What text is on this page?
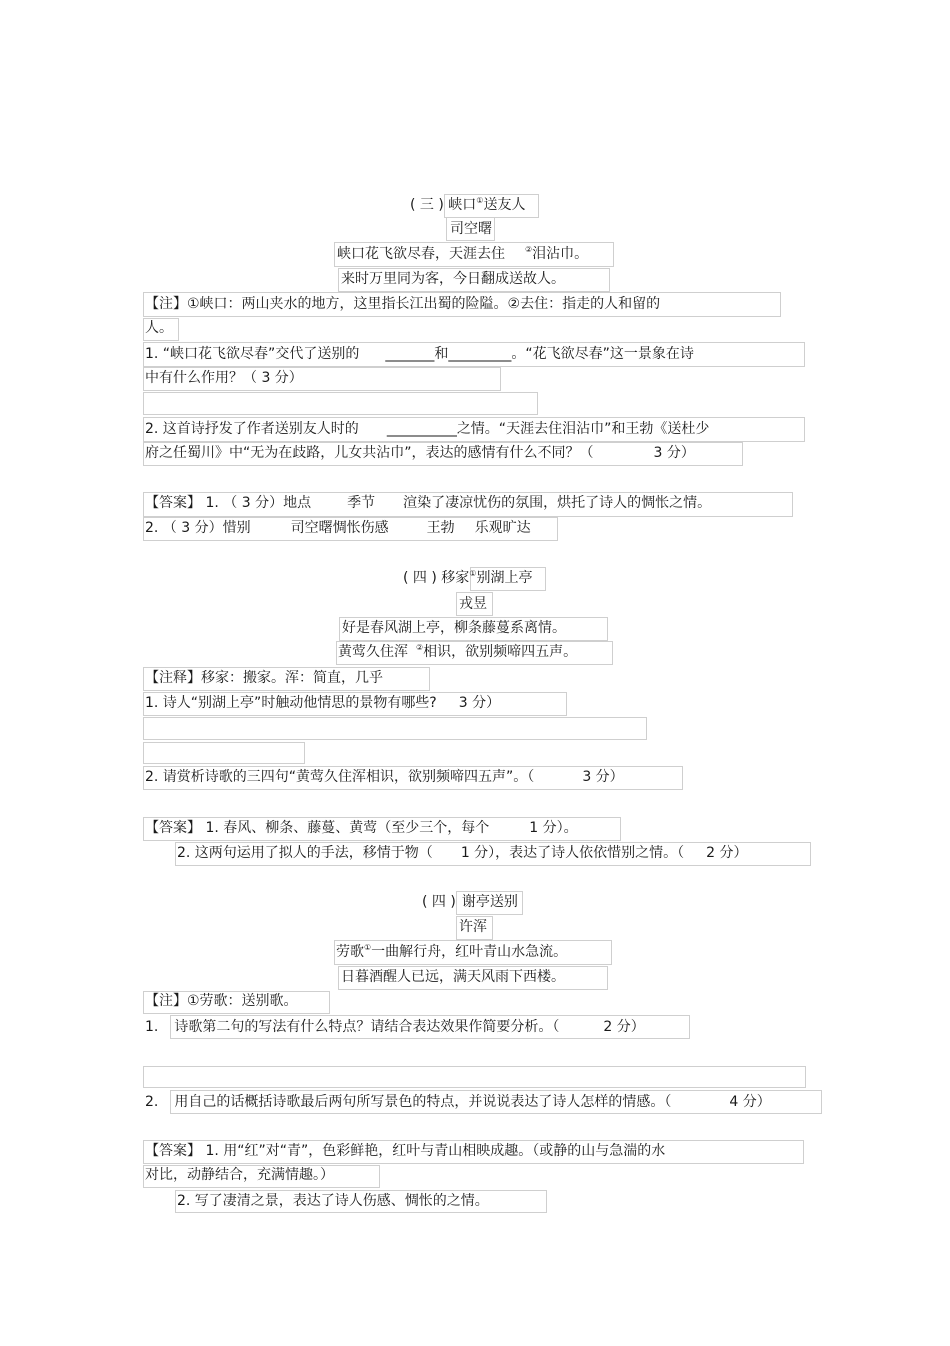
( 三 ) 峡口①送友人
司空曙
峡口花飞欲尽春，天涯去住	②泪沾巾。
来时万里同为客，今日翻成送故人。
【注】①峡口：两山夹水的地方，这里指长江出蜀的险隘。②去住：指走的人和留的
人。
1. “峡口花飞欲尽春”交代了送别的 _______和_________。“花飞欲尽春”这一景象在诗
中有什么作用？（ 3 分）
2. 这首诗抒发了作者送别友人时的 __________之情。“天涯去住泪沾巾”和王勃《送杜少
府之任蜀川》中“无为在歧路，儿女共沾巾”，表达的感情有什么不同？（	3 分）
【答案】 1. （ 3 分）地点	季节 渲染了凄凉忧伤的氛围，烘托了诗人的惆怅之情。
2. （ 3 分）惜别	司空曙惆怅伤感	王勃 乐观旷达
( 四 ) 移家①别湖上亭
戎昱
好是春风湖上亭，柳条藤蔓系离情。
黄莺久住浑 ②相识，欲别频啼四五声。
【注释】移家：搬家。浑：简直，几乎
1. 诗人“别湖上亭”时触动他情思的景物有哪些? 3 分）
2. 请赏析诗歌的三四句“黄莺久住浑相识，欲别频啼四五声”。（	3 分）
【答案】 1. 春风、柳条、藤蔓、黄莺（至少三个，每个	1 分）。
2. 这两句运用了拟人的手法，移情于物（ 1 分），表达了诗人依依惜别之情。（ 2 分）
( 四 ) 谢亭送别
许浑
劳歌①一曲解行舟，红叶青山水急流。
日暮酒醒人已远，满天风雨下西楼。
【注】①劳歌：送别歌。
1. 诗歌第二句的写法有什么特点？请结合表达效果作简要分析。（	2 分）
2. 用自己的话概括诗歌最后两句所写景色的特点，并说说表达了诗人怎样的情感。（	4 分）
【答案】 1. 用“红”对“青”，色彩鲜艳，红叶与青山相映成趣。（或静的山与急湍的水
对比，动静结合，充满情趣。）
2. 写了凄清之景，表达了诗人伤感、惆怅的之情。
